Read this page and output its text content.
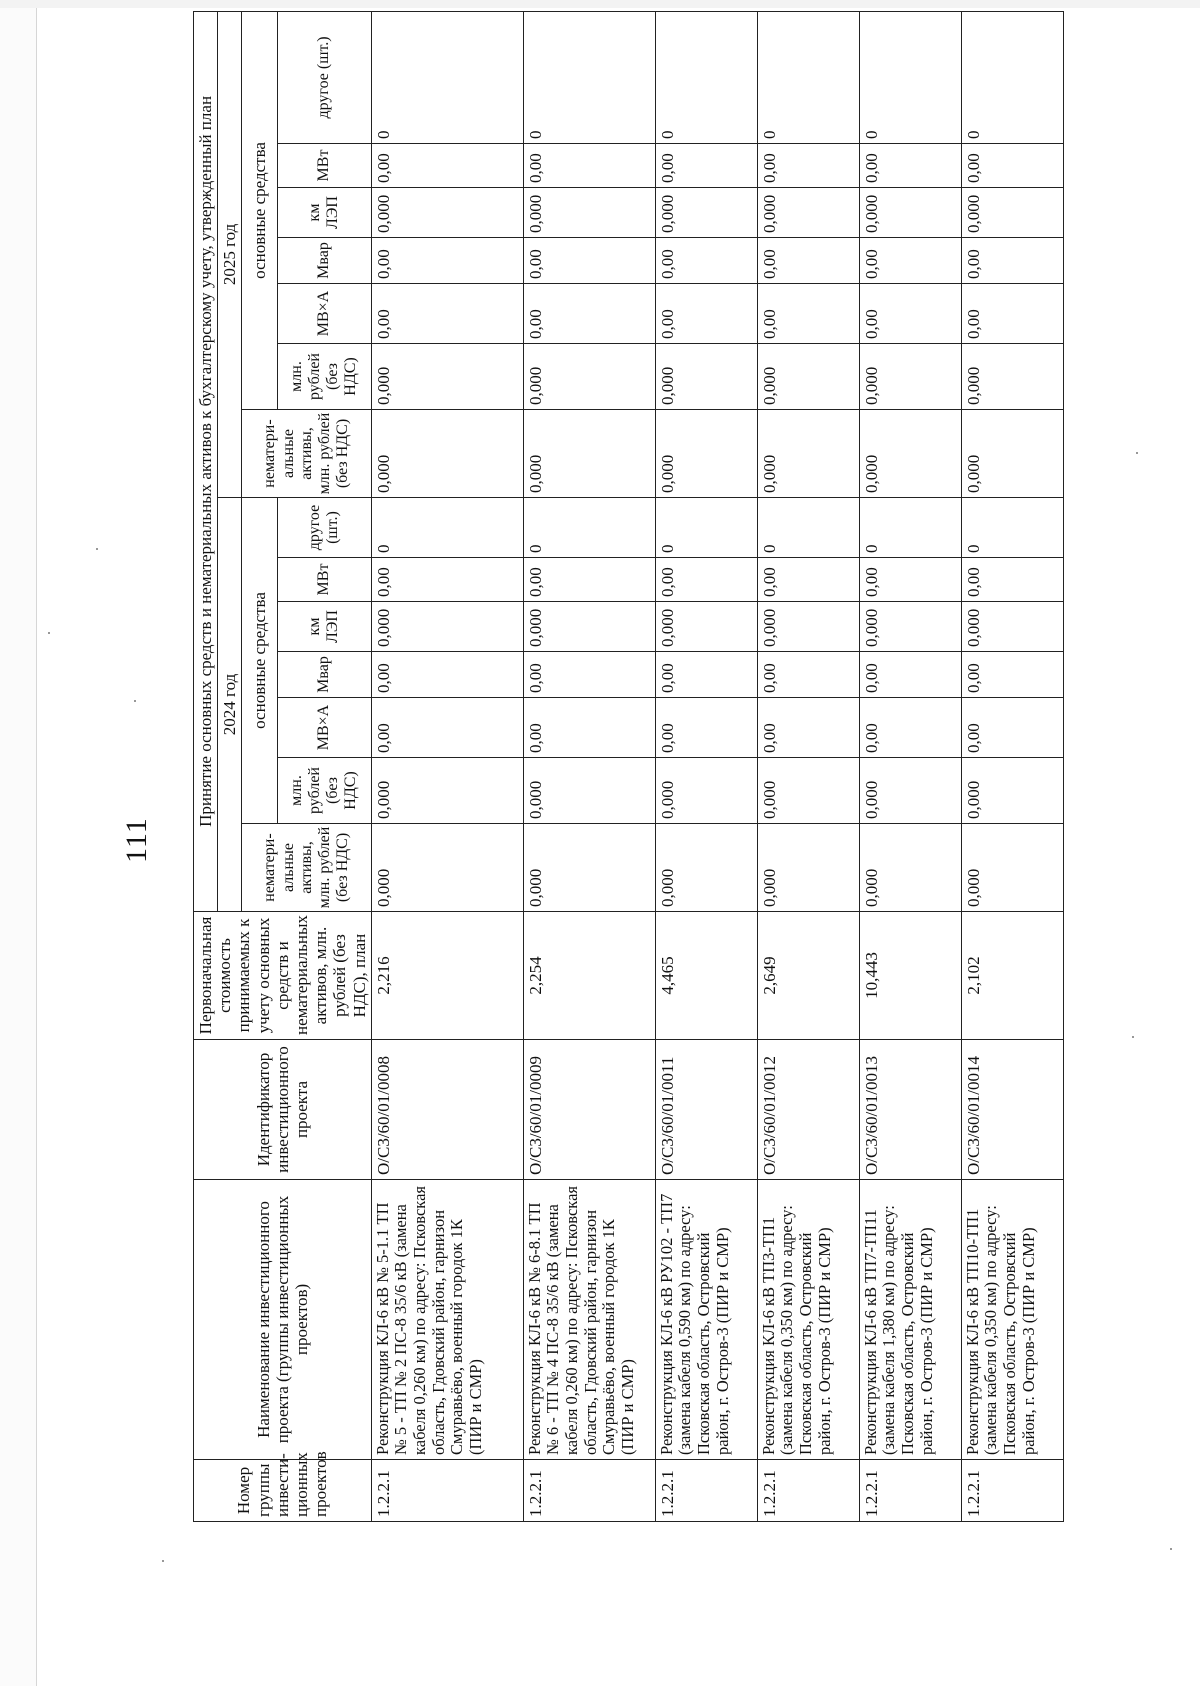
111
Номер группы инвести-ционных проектов	Наименование инвестиционного проекта (группы инвестиционных проектов)	Идентификатор инвестиционного проекта	Первоначальная стоимость принимаемых к учету основных средств и нематериальных активов, млн. рублей (без НДС), план	Принятие основных средств и нематериальных активов к бухгалтерскому учету, утвержденный план													
				2024 год							2025 год						
				нематери-альные активы, млн. рублей (без НДС)	основные средства						нематери-альные активы, млн. рублей (без НДС)	основные средства					
					млн. рублей (без НДС)	МВ×А	Мвар	км ЛЭП	МВт	другое (шт.)		млн. рублей (без НДС)	МВ×А	Мвар	км ЛЭП	МВт	другое (шт.)
1.2.2.1	Реконструкция КЛ-6 кВ № 5-1.1 ТП № 5 - ТП № 2 ПС-8 35/6 кВ (замена кабеля 0,260 км) по адресу: Псковская область, Гдовский район, гарнизон Смуравьёво, военный городок 1К (ПИР и СМР)	O/C3/60/01/0008	2,216	0,000	0,000	0,00	0,00	0,000	0,00	0	0,000	0,000	0,00	0,00	0,000	0,00	0
1.2.2.1	Реконструкция КЛ-6 кВ № 6-8.1 ТП № 6 - ТП № 4 ПС-8 35/6 кВ (замена кабеля 0,260 км) по адресу: Псковская область, Гдовский район, гарнизон Смуравьёво, военный городок 1К (ПИР и СМР)	O/C3/60/01/0009	2,254	0,000	0,000	0,00	0,00	0,000	0,00	0	0,000	0,000	0,00	0,00	0,000	0,00	0
1.2.2.1	Реконструкция КЛ-6 кВ РУ102 - ТП7 (замена кабеля 0,590 км) по адресу: Псковская область, Островский район, г. Остров-3 (ПИР и СМР)	O/C3/60/01/0011	4,465	0,000	0,000	0,00	0,00	0,000	0,00	0	0,000	0,000	0,00	0,00	0,000	0,00	0
1.2.2.1	Реконструкция КЛ-6 кВ ТП3-ТП1 (замена кабеля 0,350 км) по адресу: Псковская область, Островский район, г. Остров-3 (ПИР и СМР)	O/C3/60/01/0012	2,649	0,000	0,000	0,00	0,00	0,000	0,00	0	0,000	0,000	0,00	0,00	0,000	0,00	0
1.2.2.1	Реконструкция КЛ-6 кВ ТП7-ТП11 (замена кабеля 1,380 км) по адресу: Псковская область, Островский район, г. Остров-3 (ПИР и СМР)	O/C3/60/01/0013	10,443	0,000	0,000	0,00	0,00	0,000	0,00	0	0,000	0,000	0,00	0,00	0,000	0,00	0
1.2.2.1	Реконструкция КЛ-6 кВ ТП10-ТП1 (замена кабеля 0,350 км) по адресу: Псковская область, Островский район, г. Остров-3 (ПИР и СМР)	O/C3/60/01/0014	2,102	0,000	0,000	0,00	0,00	0,000	0,00	0	0,000	0,000	0,00	0,00	0,000	0,00	0
